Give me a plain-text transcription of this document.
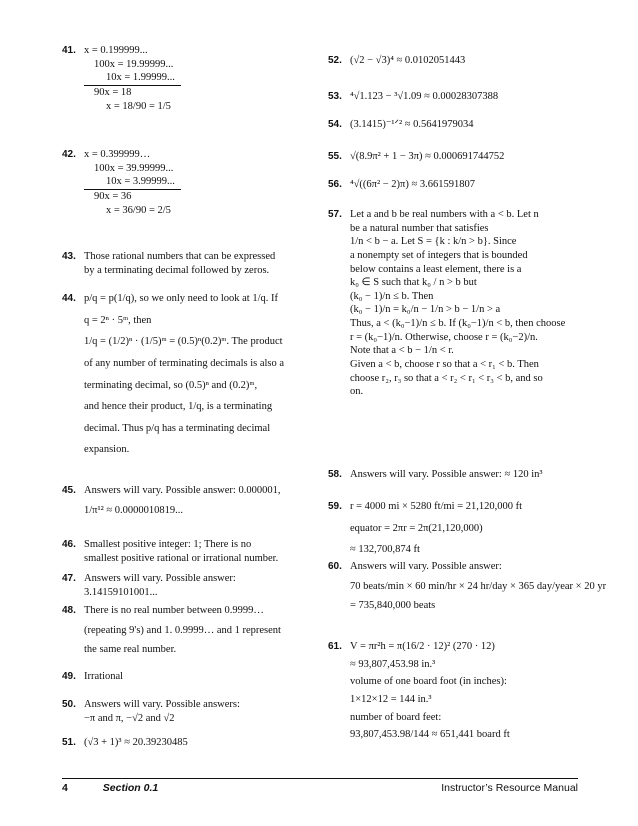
41. x = 0.199999...
100x = 19.99999...
10x = 1.99999...
90x = 18
x = 18/90 = 1/5
42. x = 0.399999…
100x = 39.99999...
10x = 3.99999...
90x = 36
x = 36/90 = 2/5
43. Those rational numbers that can be expressed
by a terminating decimal followed by zeros.
44. p/q = p(1/q), so we only need to look at 1/q. If
q = 2ⁿ · 5ᵐ, then
1/q = (1/2)ⁿ · (1/5)ᵐ = (0.5)ⁿ(0.2)ᵐ. The product
of any number of terminating decimals is also a
terminating decimal, so (0.5)ⁿ and (0.2)ᵐ,
and hence their product, 1/q, is a terminating
decimal. Thus p/q has a terminating decimal
expansion.
45. Answers will vary. Possible answer: 0.000001,
1/π¹² ≈ 0.0000010819...
46. Smallest positive integer: 1; There is no
smallest positive rational or irrational number.
47. Answers will vary. Possible answer:
3.14159101001...
48. There is no real number between 0.9999…
(repeating 9's) and 1. 0.9999… and 1 represent
the same real number.
49. Irrational
50. Answers will vary. Possible answers:
−π and π, −√2 and √2
51. (√3 + 1)³ ≈ 20.39230485
52. (√2 − √3)⁴ ≈ 0.0102051443
53. ⁴√1.123 − ³√1.09 ≈ 0.00028307388
54. (3.1415)⁻¹ᐟ² ≈ 0.5641979034
55. √(8.9π² + 1 − 3π) ≈ 0.000691744752
56. ⁴√((6π² − 2)π) ≈ 3.661591807
57. Let a and b be real numbers with a < b. Let n
be a natural number that satisfies
1/n < b − a. Let S = {k : k/n > b}. Since
a nonempty set of integers that is bounded
below contains a least element, there is a
k₀ ∈ S such that k₀ / n > b but
(k₀ − 1)/n ≤ b. Then
(k₀ − 1)/n = k₀/n − 1/n > b − 1/n > a
Thus, a < (k₀−1)/n ≤ b. If (k₀−1)/n < b, then choose
r = (k₀−1)/n. Otherwise, choose r = (k₀−2)/n.
Note that a < b − 1/n < r.
Given a < b, choose r so that a < r₁ < b. Then
choose r₂, r₃ so that a < r₂ < r₁ < r₃ < b, and so
on.
58. Answers will vary. Possible answer: ≈ 120 in³
59. r = 4000 mi × 5280 ft/mi = 21,120,000 ft
equator = 2πr = 2π(21,120,000)
≈ 132,700,874 ft
60. Answers will vary. Possible answer:
70 beats/min × 60 min/hr × 24 hr/day × 365 day/year × 20 yr
= 735,840,000 beats
61. V = πr²h = π(16/2 · 12)² (270 · 12)
≈ 93,807,453.98 in.³
volume of one board foot (in inches):
1×12×12 = 144 in.³
number of board feet:
93,807,453.98/144 ≈ 651,441 board ft
4	Section 0.1	Instructor’s Resource Manual
